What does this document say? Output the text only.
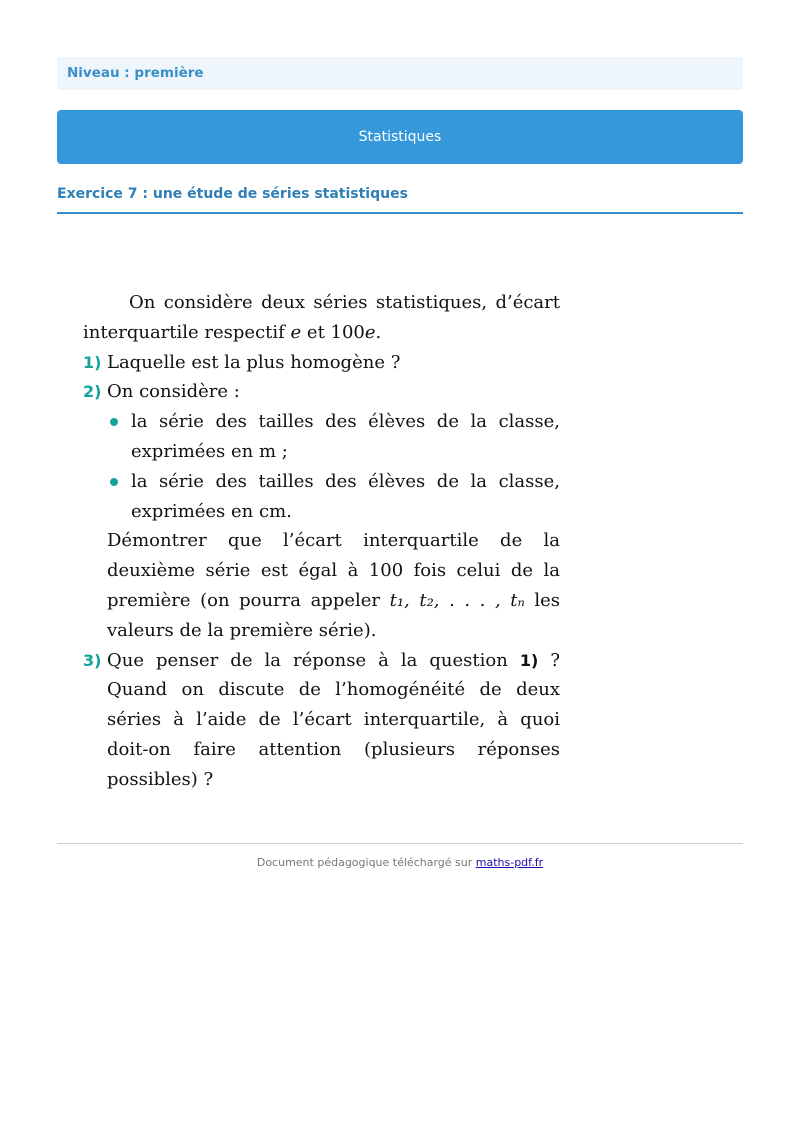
Niveau : première
Statistiques
Exercice 7 : une étude de séries statistiques

On considère deux séries statistiques, d’écart interquartile respectif e et 100e.

1) Laquelle est la plus homogène ?
2) On considère :
la série des tailles des élèves de la classe, exprimées en m ;
la série des tailles des élèves de la classe, exprimées en cm.
Démontrer que l’écart interquartile de la deuxième série est égal à 100 fois celui de la première (on pourra appeler t₁, t₂, . . . , tₙ les valeurs de la première série).
3) Que penser de la réponse à la question 1) ? Quand on discute de l’homogénéité de deux séries à l’aide de l’écart interquartile, à quoi doit-on faire attention (plusieurs réponses possibles) ?
Document pédagogique téléchargé sur maths-pdf.fr
